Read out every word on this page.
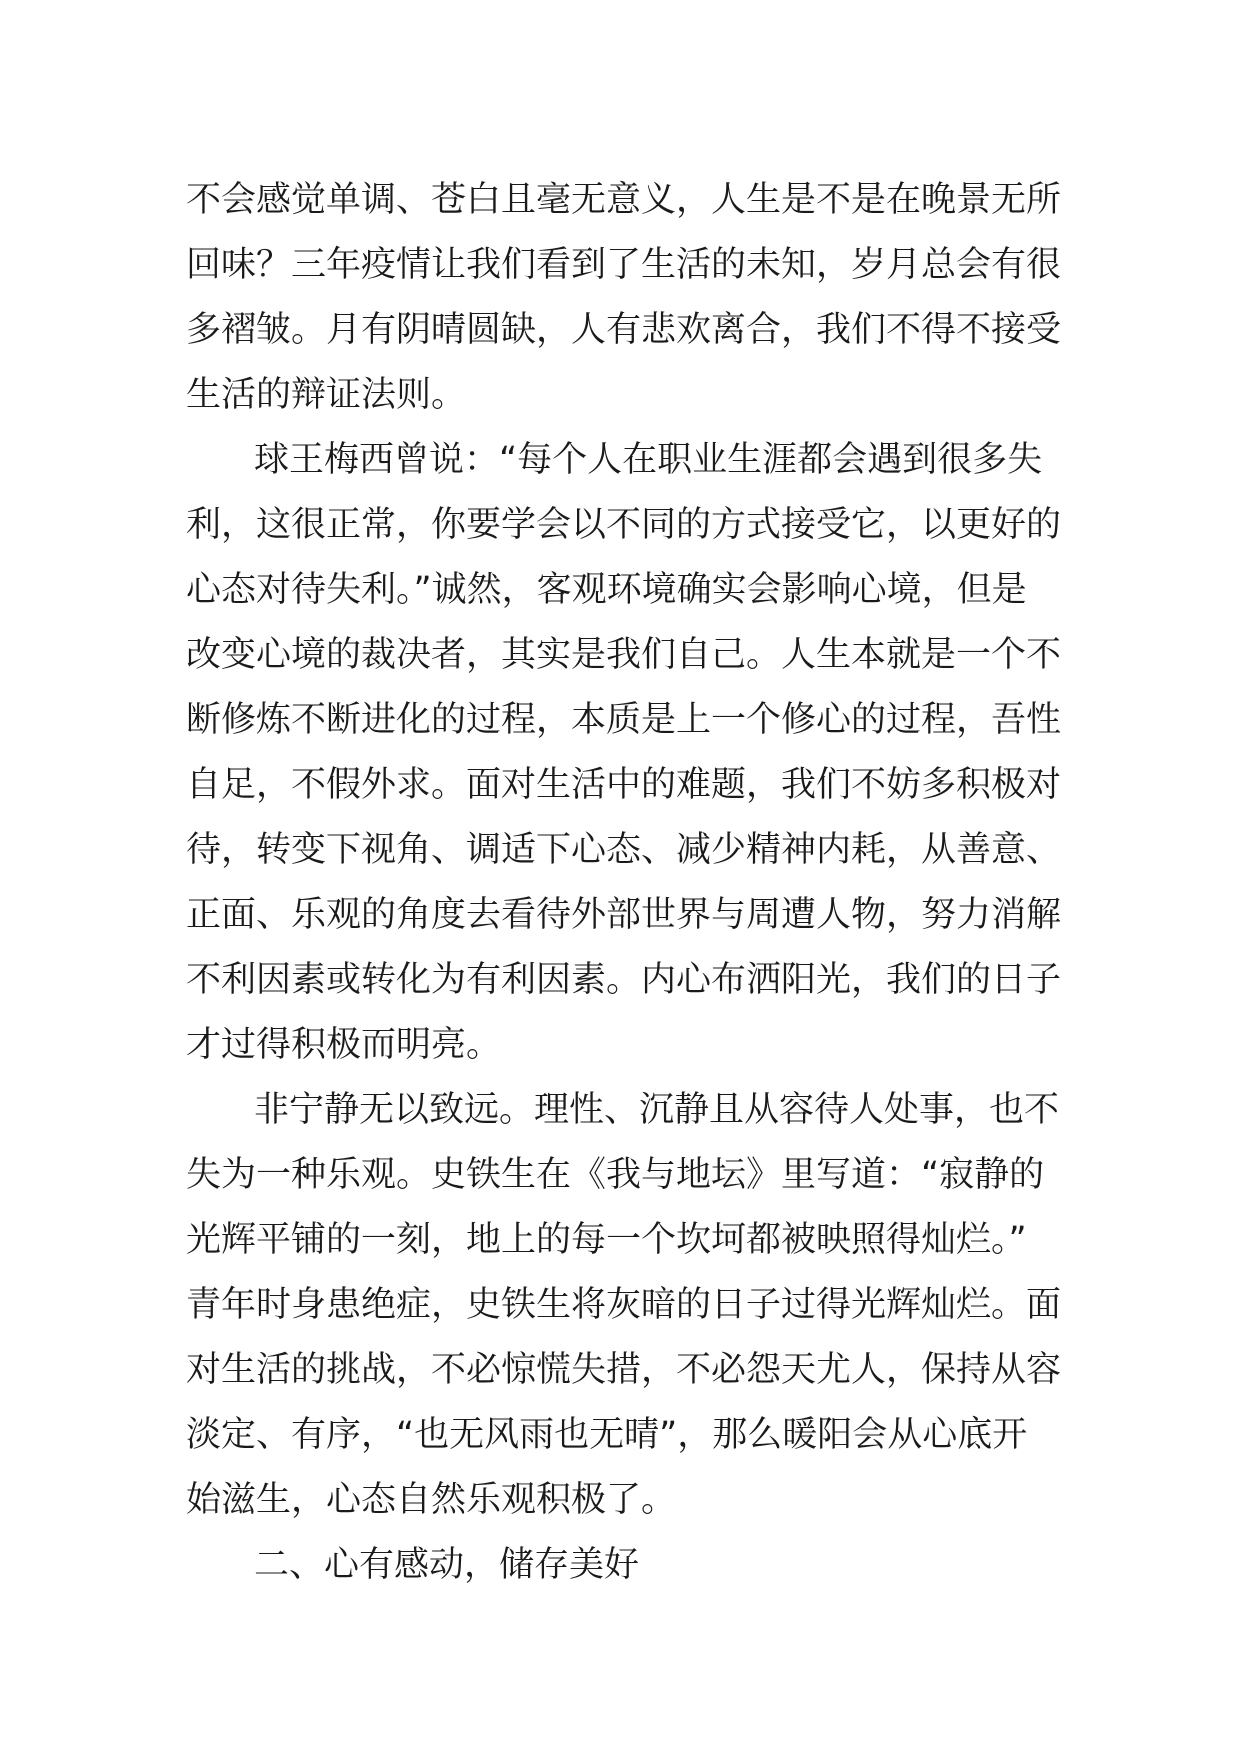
不会感觉单调、苍白且毫无意义，人生是不是在晚景无所
回味？三年疫情让我们看到了生活的未知，岁月总会有很
多褶皱。月有阴晴圆缺，人有悲欢离合，我们不得不接受
生活的辩证法则。
球王梅西曾说：“每个人在职业生涯都会遇到很多失
利，这很正常，你要学会以不同的方式接受它，以更好的
心态对待失利。”诚然，客观环境确实会影响心境，但是
改变心境的裁决者，其实是我们自己。人生本就是一个不
断修炼不断进化的过程，本质是上一个修心的过程，吾性
自足，不假外求。面对生活中的难题，我们不妨多积极对
待，转变下视角、调适下心态、减少精神内耗，从善意、
正面、乐观的角度去看待外部世界与周遭人物，努力消解
不利因素或转化为有利因素。内心布洒阳光，我们的日子
才过得积极而明亮。
非宁静无以致远。理性、沉静且从容待人处事，也不
失为一种乐观。史铁生在《我与地坛》里写道：“寂静的
光辉平铺的一刻，地上的每一个坎坷都被映照得灿烂。”
青年时身患绝症，史铁生将灰暗的日子过得光辉灿烂。面
对生活的挑战，不必惊慌失措，不必怨天尤人，保持从容
淡定、有序，“也无风雨也无晴”，那么暖阳会从心底开
始滋生，心态自然乐观积极了。
二、心有感动，储存美好
